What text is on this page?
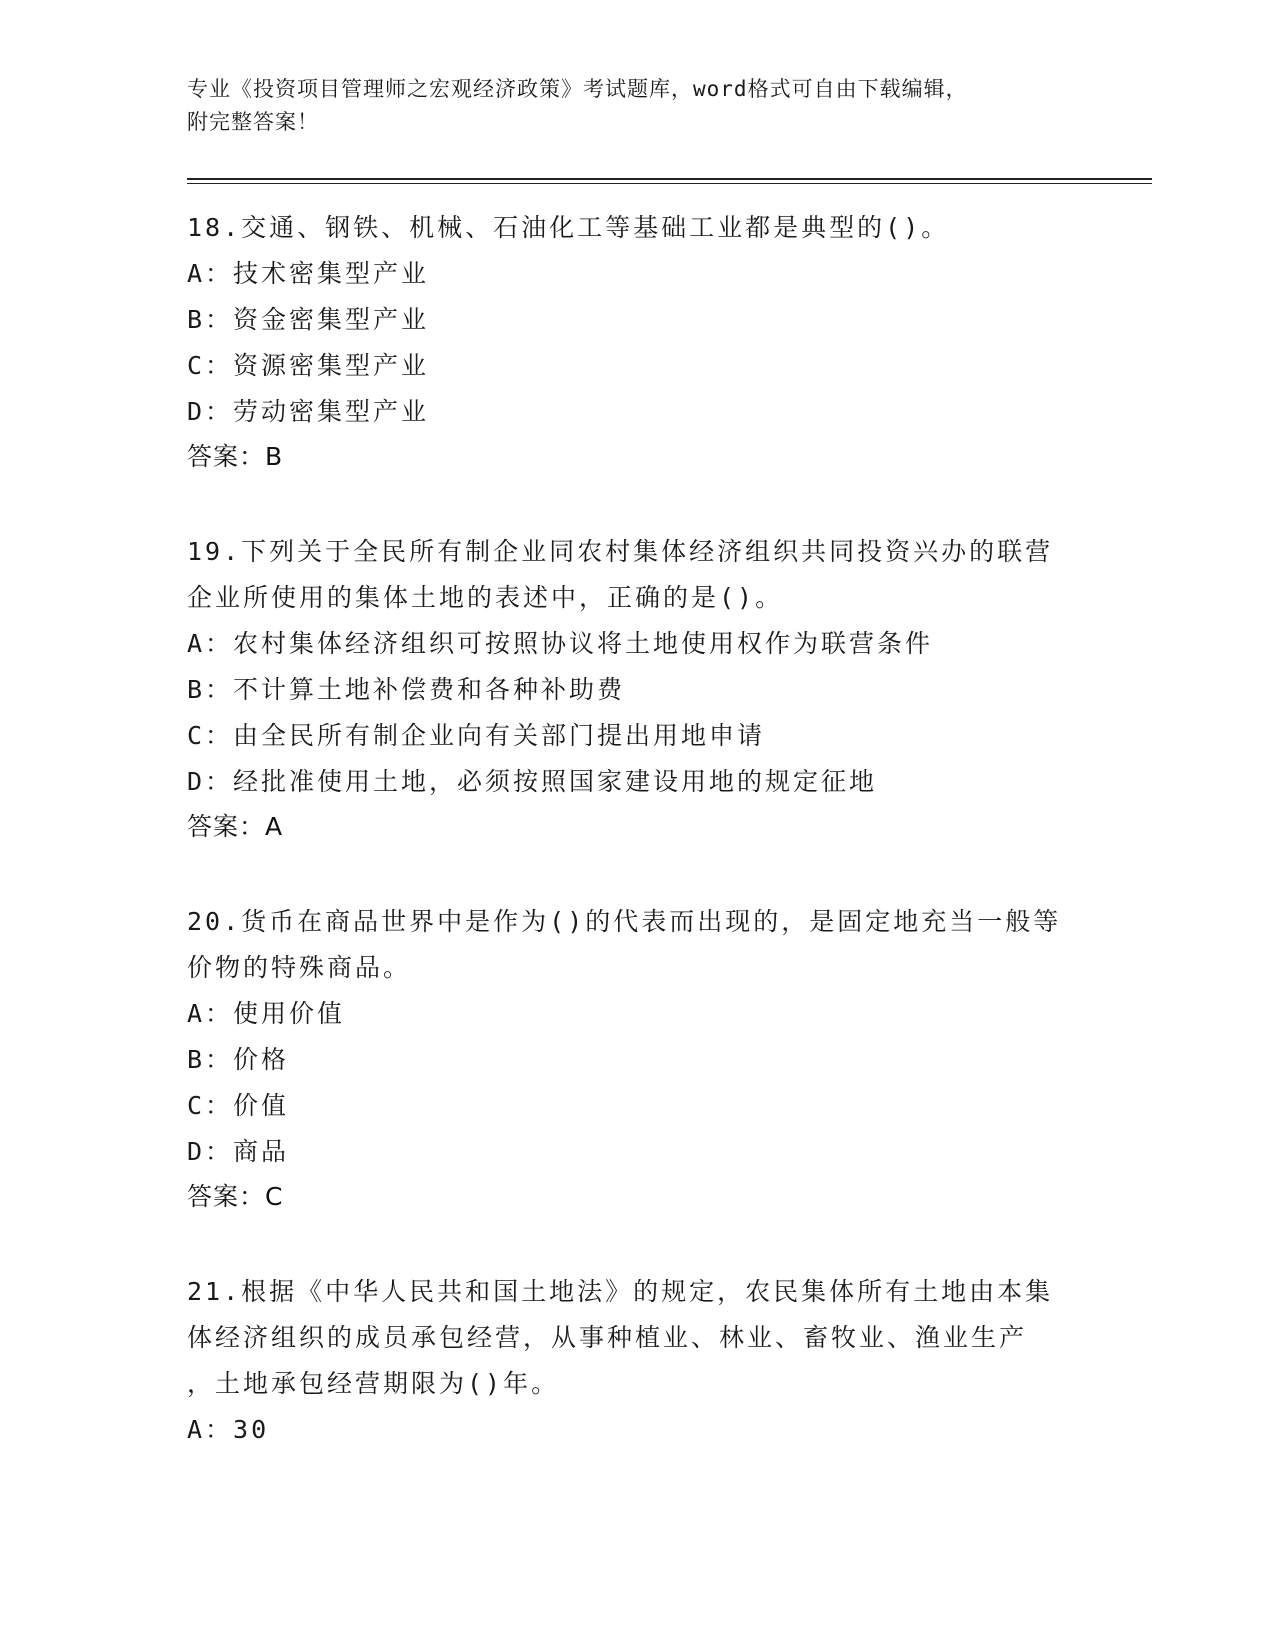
专业《投资项目管理师之宏观经济政策》考试题库，word格式可自由下载编辑，
附完整答案！
18.交通、钢铁、机械、石油化工等基础工业都是典型的()。
A：技术密集型产业
B：资金密集型产业
C：资源密集型产业
D：劳动密集型产业
答案：B
19.下列关于全民所有制企业同农村集体经济组织共同投资兴办的联营
企业所使用的集体土地的表述中，正确的是()。
A：农村集体经济组织可按照协议将土地使用权作为联营条件
B：不计算土地补偿费和各种补助费
C：由全民所有制企业向有关部门提出用地申请
D：经批准使用土地，必须按照国家建设用地的规定征地
答案：A
20.货币在商品世界中是作为()的代表而出现的，是固定地充当一般等
价物的特殊商品。
A：使用价值
B：价格
C：价值
D：商品
答案：C
21.根据《中华人民共和国土地法》的规定，农民集体所有土地由本集
体经济组织的成员承包经营，从事种植业、林业、畜牧业、渔业生产
，土地承包经营期限为()年。
A：30
